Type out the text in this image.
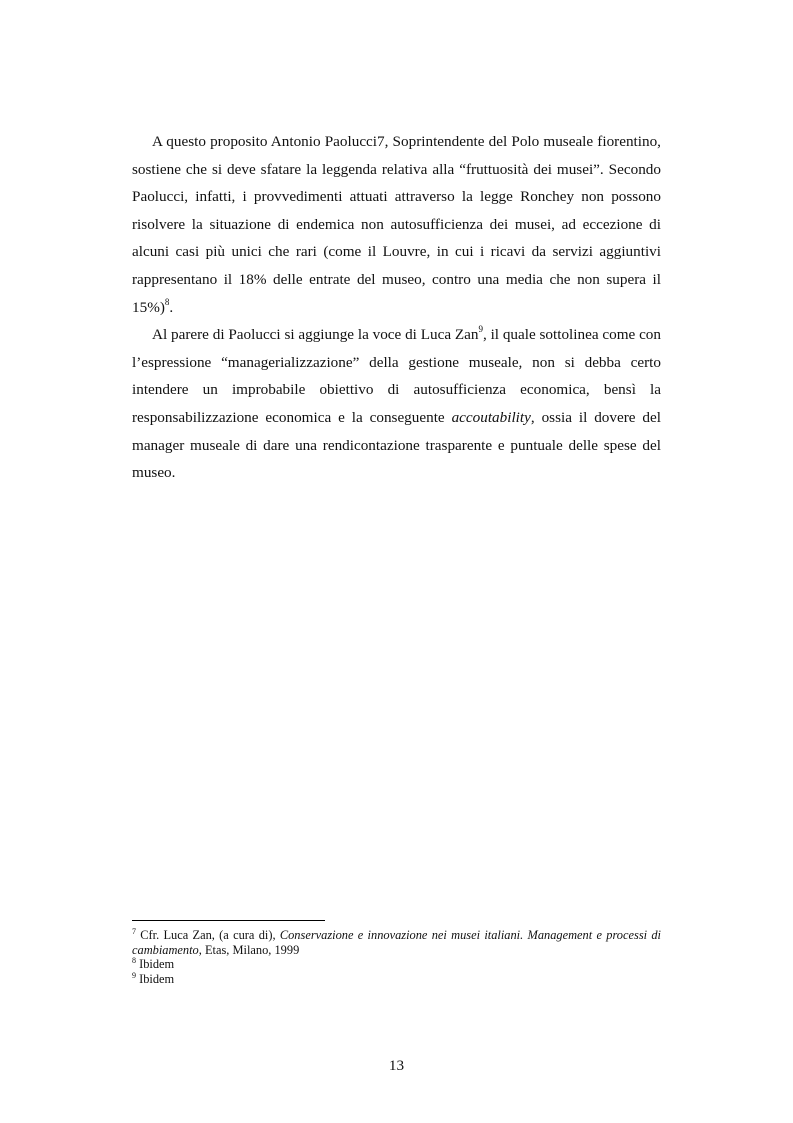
A questo proposito Antonio Paolucci7, Soprintendente del Polo museale fiorentino, sostiene che si deve sfatare la leggenda relativa alla “fruttuosità dei musei”. Secondo Paolucci, infatti, i provvedimenti attuati attraverso la legge Ronchey non possono risolvere la situazione di endemica non autosufficienza dei musei, ad eccezione di alcuni casi più unici che rari (come il Louvre, in cui i ricavi da servizi aggiuntivi rappresentano il 18% delle entrate del museo, contro una media che non supera il 15%)$^8$.

Al parere di Paolucci si aggiunge la voce di Luca Zan$^9$, il quale sottolinea come con l’espressione “managerializzazione” della gestione museale, non si debba certo intendere un improbabile obiettivo di autosufficienza economica, bensì la responsabilizzazione economica e la conseguente accoutability, ossia il dovere del manager museale di dare una rendicontazione trasparente e puntuale delle spese del museo.

$^7$ Cfr. Luca Zan, (a cura di), Conservazione e innovazione nei musei italiani. Management e processi di cambiamento, Etas, Milano, 1999

$^8$ Ibidem

$^9$ Ibidem

13
